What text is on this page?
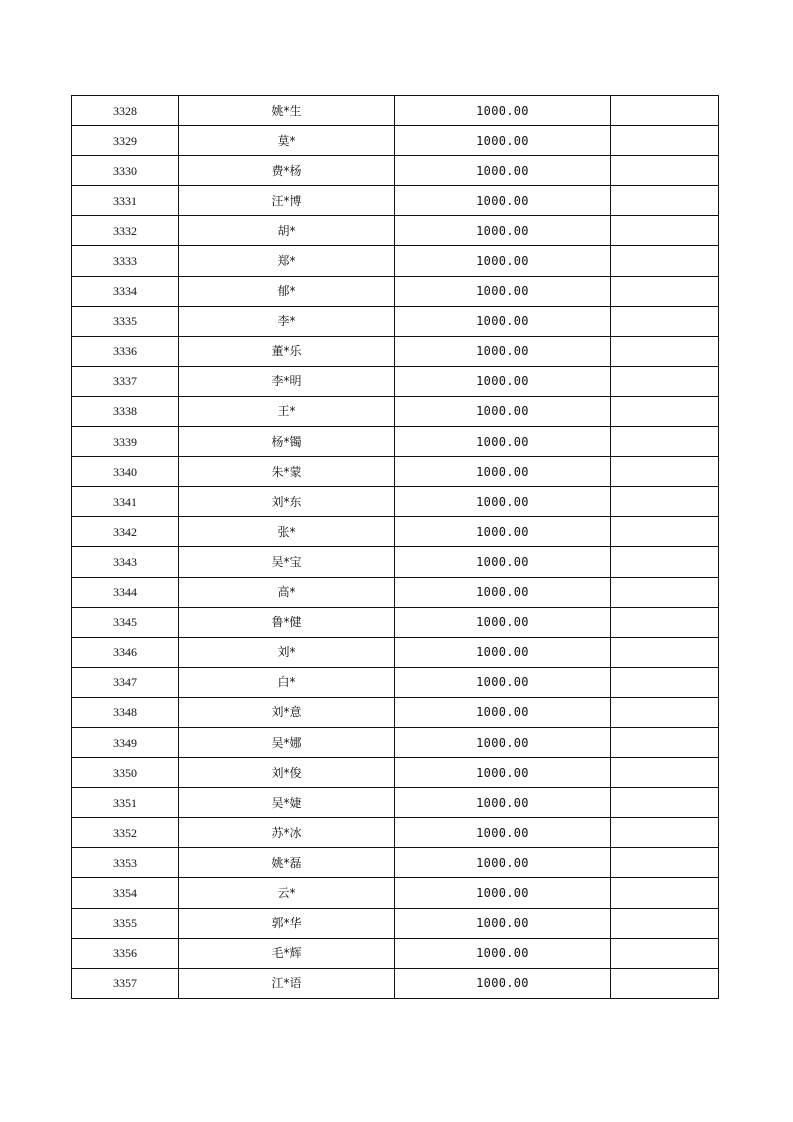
3328	姚*生	1000.00	
3329	莫*	1000.00	
3330	费*杨	1000.00	
3331	汪*博	1000.00	
3332	胡*	1000.00	
3333	郑*	1000.00	
3334	郁*	1000.00	
3335	李*	1000.00	
3336	董*乐	1000.00	
3337	李*明	1000.00	
3338	王*	1000.00	
3339	杨*镯	1000.00	
3340	朱*蒙	1000.00	
3341	刘*东	1000.00	
3342	张*	1000.00	
3343	吴*宝	1000.00	
3344	高*	1000.00	
3345	鲁*健	1000.00	
3346	刘*	1000.00	
3347	白*	1000.00	
3348	刘*意	1000.00	
3349	吴*娜	1000.00	
3350	刘*俊	1000.00	
3351	吴*婕	1000.00	
3352	苏*冰	1000.00	
3353	姚*磊	1000.00	
3354	云*	1000.00	
3355	郭*华	1000.00	
3356	毛*辉	1000.00	
3357	江*语	1000.00	
